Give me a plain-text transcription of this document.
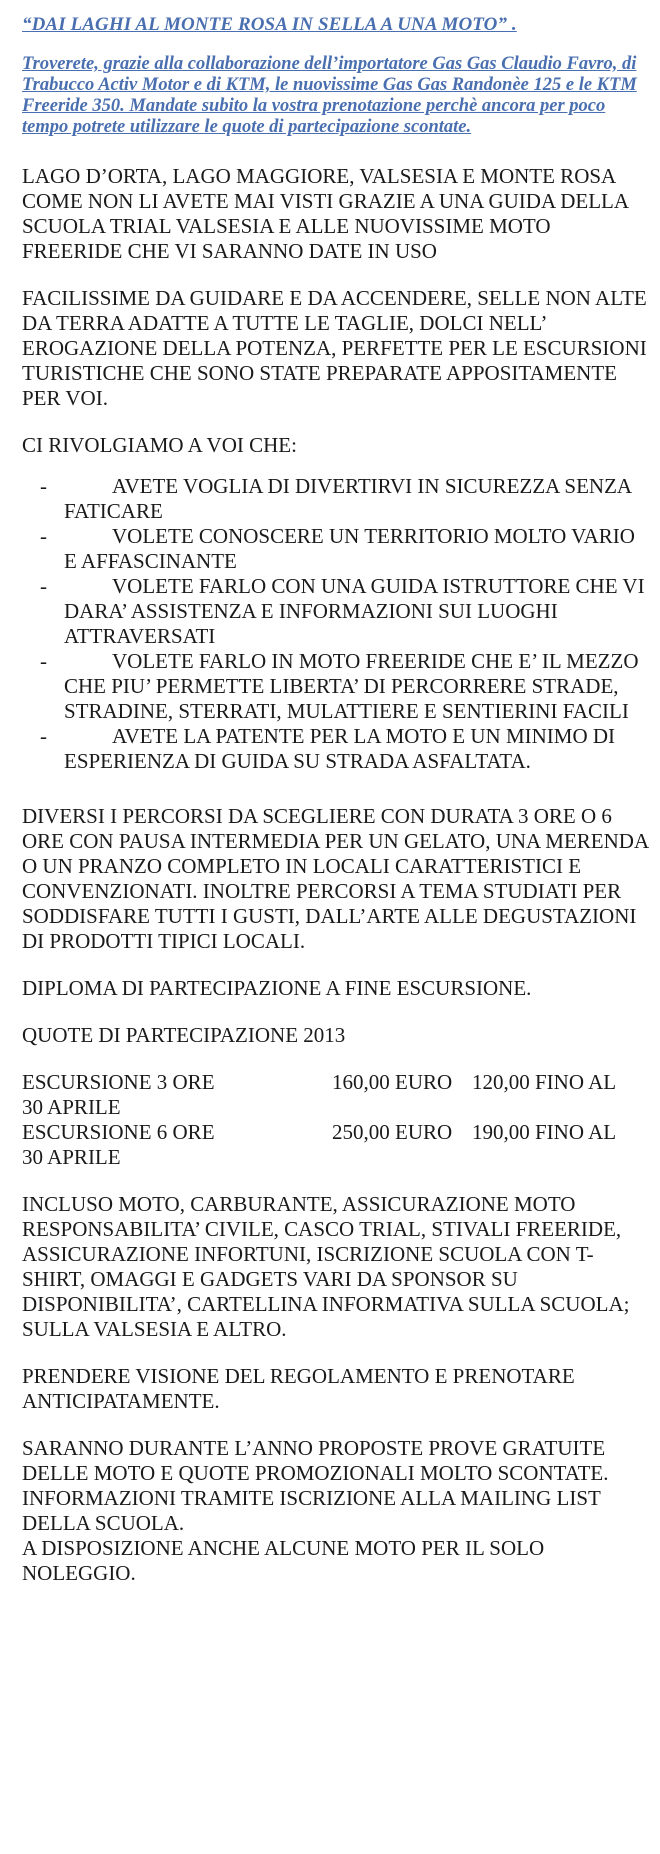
“DAI LAGHI AL MONTE ROSA IN SELLA A UNA MOTO” .

Troverete, grazie alla collaborazione dell’importatore Gas Gas Claudio Favro, di Trabucco Activ Motor e di KTM, le nuovissime Gas Gas Randonèe 125 e le KTM Freeride 350. Mandate subito la vostra prenotazione perchè ancora per poco tempo potrete utilizzare le quote di partecipazione scontate.

LAGO D’ORTA, LAGO MAGGIORE, VALSESIA E MONTE ROSA COME NON LI AVETE MAI VISTI GRAZIE A UNA GUIDA DELLA SCUOLA TRIAL VALSESIA E ALLE NUOVISSIME MOTO FREERIDE CHE VI SARANNO DATE IN USO

FACILISSIME DA GUIDARE E DA ACCENDERE, SELLE NON ALTE DA TERRA ADATTE A TUTTE LE TAGLIE, DOLCI NELL’ EROGAZIONE DELLA POTENZA, PERFETTE PER LE ESCURSIONI TURISTICHE CHE SONO STATE PREPARATE APPOSITAMENTE PER VOI.

CI RIVOLGIAMO A VOI CHE:

-	AVETE VOGLIA DI DIVERTIRVI IN SICUREZZA SENZA FATICARE
-	VOLETE CONOSCERE UN TERRITORIO MOLTO VARIO E AFFASCINANTE
-	VOLETE FARLO CON UNA GUIDA ISTRUTTORE CHE VI DARA’ ASSISTENZA E INFORMAZIONI SUI LUOGHI ATTRAVERSATI
-	VOLETE FARLO IN MOTO FREERIDE CHE E’ IL MEZZO CHE PIU’ PERMETTE LIBERTA’ DI PERCORRERE STRADE, STRADINE, STERRATI, MULATTIERE E SENTIERINI FACILI
-	AVETE LA PATENTE PER LA MOTO E UN MINIMO DI ESPERIENZA DI GUIDA SU STRADA ASFALTATA.

DIVERSI I PERCORSI DA SCEGLIERE CON DURATA 3 ORE O 6 ORE CON PAUSA INTERMEDIA PER UN GELATO, UNA MERENDA O UN PRANZO COMPLETO IN LOCALI CARATTERISTICI E CONVENZIONATI. INOLTRE PERCORSI A TEMA STUDIATI PER SODDISFARE TUTTI I GUSTI, DALL’ARTE ALLE DEGUSTAZIONI DI PRODOTTI TIPICI LOCALI.

DIPLOMA DI PARTECIPAZIONE A FINE ESCURSIONE.

QUOTE DI PARTECIPAZIONE 2013

ESCURSIONE 3 ORE	160,00 EURO 120,00 FINO AL
30 APRILE
ESCURSIONE 6 ORE	250,00 EURO 190,00 FINO AL
30 APRILE

INCLUSO MOTO, CARBURANTE, ASSICURAZIONE MOTO RESPONSABILITA’ CIVILE, CASCO TRIAL, STIVALI FREERIDE, ASSICURAZIONE INFORTUNI, ISCRIZIONE SCUOLA CON T-SHIRT, OMAGGI E GADGETS VARI DA SPONSOR SU DISPONIBILITA’, CARTELLINA INFORMATIVA SULLA SCUOLA; SULLA VALSESIA E ALTRO.

PRENDERE VISIONE DEL REGOLAMENTO E PRENOTARE ANTICIPATAMENTE.

SARANNO DURANTE L’ANNO PROPOSTE PROVE GRATUITE DELLE MOTO E QUOTE PROMOZIONALI MOLTO SCONTATE. INFORMAZIONI TRAMITE ISCRIZIONE ALLA MAILING LIST DELLA SCUOLA.
A DISPOSIZIONE ANCHE ALCUNE MOTO PER IL SOLO NOLEGGIO.
